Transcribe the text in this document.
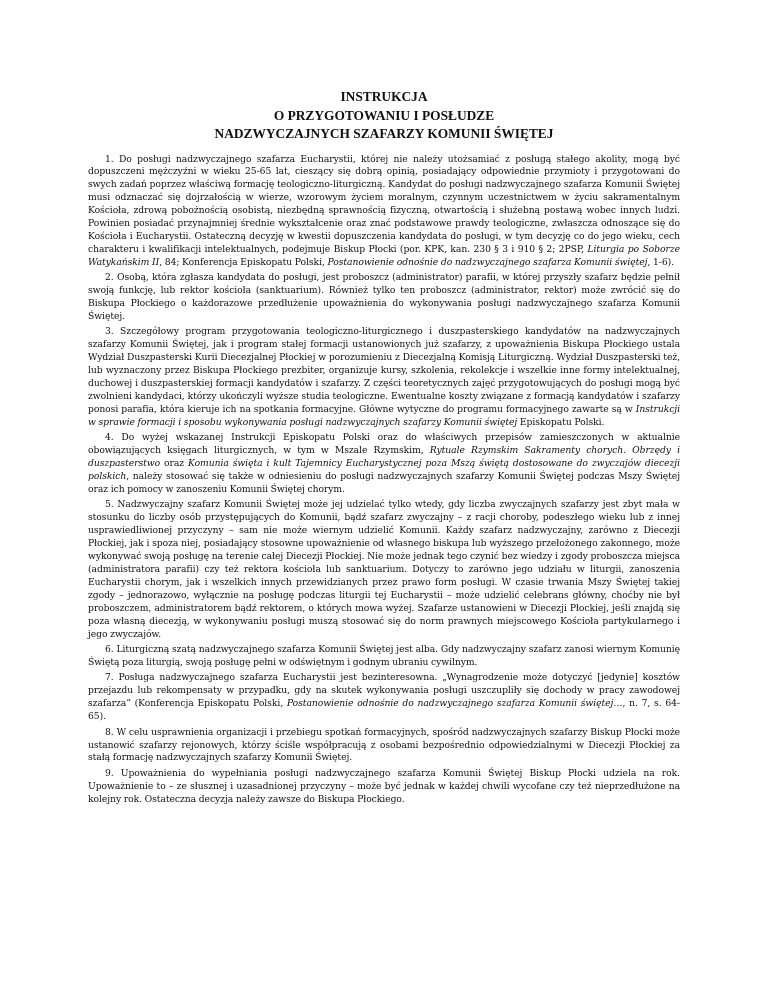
INSTRUKCJA
O PRZYGOTOWANIU I POSŁUDZE
NADZWYCZAJNYCH SZAFARZY KOMUNII ŚWIĘTEJ

1. Do posługi nadzwyczajnego szafarza Eucharystii, której nie należy utożsamiać z posługą stałego akolity, mogą być dopuszczeni mężczyźni w wieku 25-65 lat, cieszący się dobrą opinią, posiadający odpowiednie przymioty i przygotowani do swych zadań poprzez właściwą formację teologiczno-liturgiczną. Kandydat do posługi nadzwyczajnego szafarza Komunii Świętej musi odznaczać się dojrzałością w wierze, wzorowym życiem moralnym, czynnym uczestnictwem w życiu sakramentalnym Kościoła, zdrową pobożnością osobistą, niezbędną sprawnością fizyczną, otwartością i służebną postawą wobec innych ludzi. Powinien posiadać przynajmniej średnie wykształcenie oraz znać podstawowe prawdy teologiczne, zwłaszcza odnoszące się do Kościoła i Eucharystii. Ostateczną decyzję w kwestii dopuszczenia kandydata do posługi, w tym decyzję co do jego wieku, cech charakteru i kwalifikacji intelektualnych, podejmuje Biskup Płocki (por. KPK, kan. 230 § 3 i 910 § 2; 2PSP, Liturgia po Soborze Watykańskim II, 84; Konferencja Episkopatu Polski, Postanowienie odnośnie do nadzwyczajnego szafarza Komunii świętej, 1-6).

2. Osobą, która zgłasza kandydata do posługi, jest proboszcz (administrator) parafii, w której przyszły szafarz będzie pełnił swoją funkcję, lub rektor kościoła (sanktuarium). Również tylko ten proboszcz (administrator, rektor) może zwrócić się do Biskupa Płockiego o każdorazowe przedłużenie upoważnienia do wykonywania posługi nadzwyczajnego szafarza Komunii Świętej.

3. Szczegółowy program przygotowania teologiczno-liturgicznego i duszpasterskiego kandydatów na nadzwyczajnych szafarzy Komunii Świętej, jak i program stałej formacji ustanowionych już szafarzy, z upoważnienia Biskupa Płockiego ustala Wydział Duszpasterski Kurii Diecezjalnej Płockiej w porozumieniu z Diecezjalną Komisją Liturgiczną. Wydział Duszpasterski też, lub wyznaczony przez Biskupa Płockiego prezbiter, organizuje kursy, szkolenia, rekolekcje i wszelkie inne formy intelektualnej, duchowej i duszpasterskiej formacji kandydatów i szafarzy. Z części teoretycznych zajęć przygotowujących do posługi mogą być zwolnieni kandydaci, którzy ukończyli wyższe studia teologiczne. Ewentualne koszty związane z formacją kandydatów i szafarzy ponosi parafia, która kieruje ich na spotkania formacyjne. Główne wytyczne do programu formacyjnego zawarte są w Instrukcji w sprawie formacji i sposobu wykonywania posługi nadzwyczajnych szafarzy Komunii świętej Episkopatu Polski.

4. Do wyżej wskazanej Instrukcji Episkopatu Polski oraz do właściwych przepisów zamieszczonych w aktualnie obowiązujących księgach liturgicznych, w tym w Mszale Rzymskim, Rytuale Rzymskim Sakramenty chorych. Obrzędy i duszpasterstwo oraz Komunia święta i kult Tajemnicy Eucharystycznej poza Mszą świętą dostosowane do zwyczajów diecezji polskich, należy stosować się także w odniesieniu do posługi nadzwyczajnych szafarzy Komunii Świętej podczas Mszy Świętej oraz ich pomocy w zanoszeniu Komunii Świętej chorym.

5. Nadzwyczajny szafarz Komunii Świętej może jej udzielać tylko wtedy, gdy liczba zwyczajnych szafarzy jest zbyt mała w stosunku do liczby osób przystępujących do Komunii, bądź szafarz zwyczajny – z racji choroby, podeszłego wieku lub z innej usprawiedliwionej przyczyny – sam nie może wiernym udzielić Komunii. Każdy szafarz nadzwyczajny, zarówno z Diecezji Płockiej, jak i spoza niej, posiadający stosowne upoważnienie od własnego biskupa lub wyższego przełożonego zakonnego, może wykonywać swoją posługę na terenie całej Diecezji Płockiej. Nie może jednak tego czynić bez wiedzy i zgody proboszcza miejsca (administratora parafii) czy też rektora kościoła lub sanktuarium. Dotyczy to zarówno jego udziału w liturgii, zanoszenia Eucharystii chorym, jak i wszelkich innych przewidzianych przez prawo form posługi. W czasie trwania Mszy Świętej takiej zgody – jednorazowo, wyłącznie na posługę podczas liturgii tej Eucharystii – może udzielić celebrans główny, choćby nie był proboszczem, administratorem bądź rektorem, o których mowa wyżej. Szafarze ustanowieni w Diecezji Płockiej, jeśli znajdą się poza własną diecezją, w wykonywaniu posługi muszą stosować się do norm prawnych miejscowego Kościoła partykularnego i jego zwyczajów.

6. Liturgiczną szatą nadzwyczajnego szafarza Komunii Świętej jest alba. Gdy nadzwyczajny szafarz zanosi wiernym Komunię Świętą poza liturgią, swoją posługę pełni w odświętnym i godnym ubraniu cywilnym.

7. Posługa nadzwyczajnego szafarza Eucharystii jest bezinteresowna. „Wynagrodzenie może dotyczyć [jedynie] kosztów przejazdu lub rekompensaty w przypadku, gdy na skutek wykonywania posługi uszczupliły się dochody w pracy zawodowej szafarza” (Konferencja Episkopatu Polski, Postanowienie odnośnie do nadzwyczajnego szafarza Komunii świętej…, n. 7, s. 64-65).

8. W celu usprawnienia organizacji i przebiegu spotkań formacyjnych, spośród nadzwyczajnych szafarzy Biskup Płocki może ustanowić szafarzy rejonowych, którzy ściśle współpracują z osobami bezpośrednio odpowiedzialnymi w Diecezji Płockiej za stałą formację nadzwyczajnych szafarzy Komunii Świętej.

9. Upoważnienia do wypełniania posługi nadzwyczajnego szafarza Komunii Świętej Biskup Płocki udziela na rok. Upoważnienie to – ze słusznej i uzasadnionej przyczyny – może być jednak w każdej chwili wycofane czy też nieprzedłużone na kolejny rok. Ostateczna decyzja należy zawsze do Biskupa Płockiego.
